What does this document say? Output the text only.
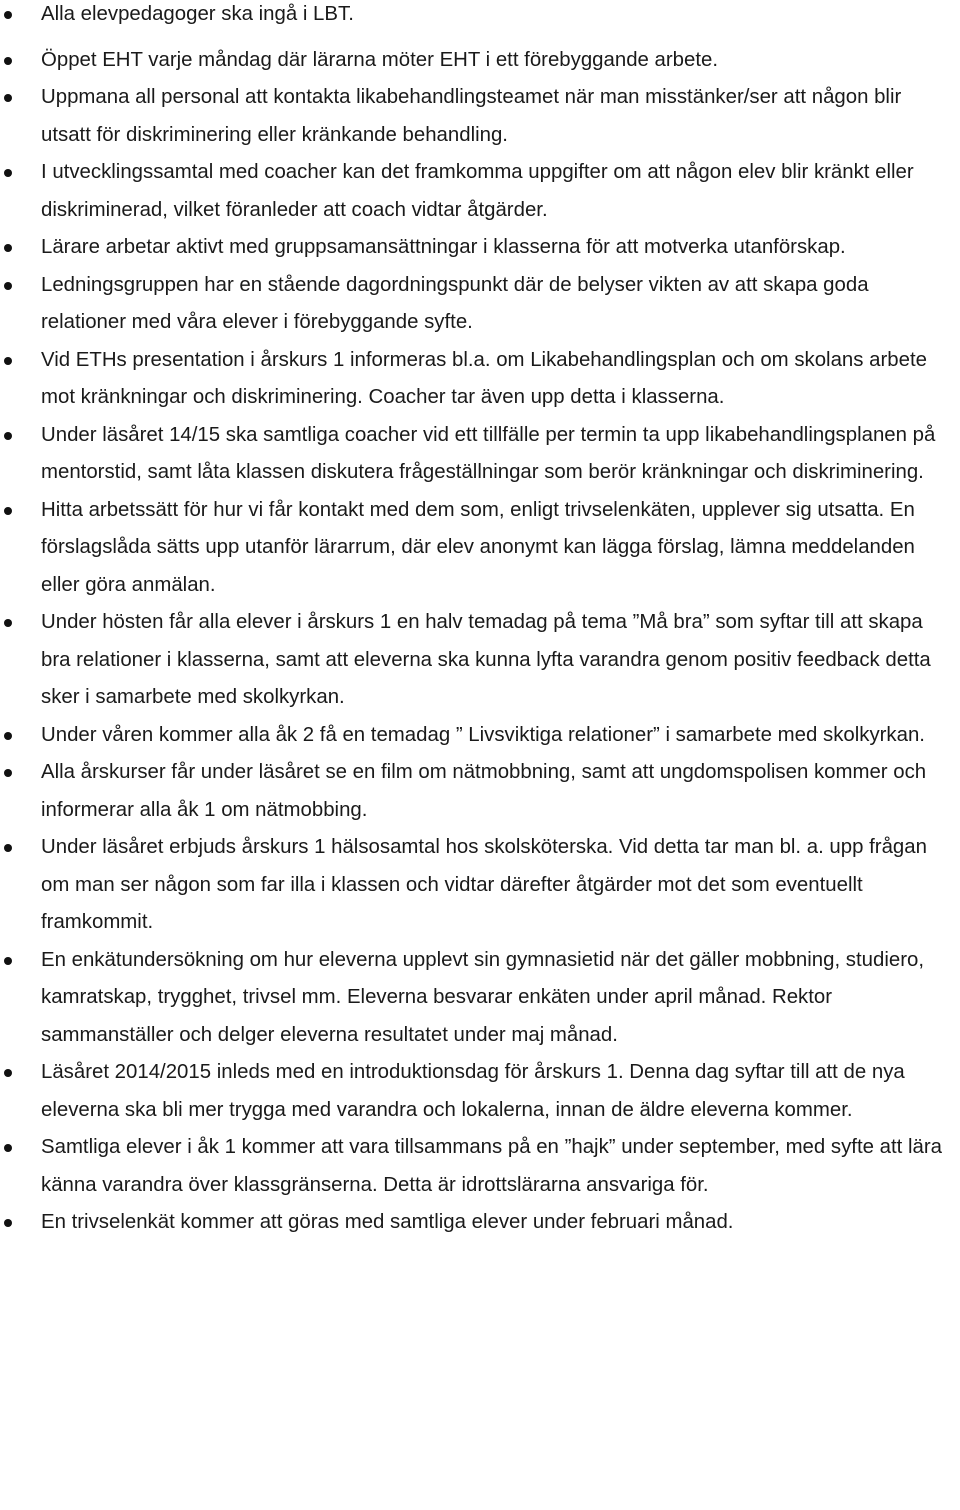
Alla elevpedagoger ska ingå i LBT.
Öppet EHT varje måndag där lärarna möter EHT i ett förebyggande arbete.
Uppmana all personal att kontakta likabehandlingsteamet när man misstänker/ser att någon blir utsatt för diskriminering eller kränkande behandling.
I utvecklingssamtal med coacher kan det framkomma uppgifter om att någon elev blir kränkt eller diskriminerad, vilket föranleder att coach vidtar åtgärder.
Lärare arbetar aktivt med gruppsamansättningar i klasserna för att motverka utanförskap.
Ledningsgruppen har en stående dagordningspunkt där de belyser vikten av att skapa goda relationer med våra elever i förebyggande syfte.
Vid ETHs presentation i årskurs 1 informeras bl.a. om Likabehandlingsplan och om skolans arbete mot kränkningar och diskriminering. Coacher tar även upp detta i klasserna.
Under läsåret 14/15 ska samtliga coacher vid ett tillfälle per termin ta upp likabehandlingsplanen på mentorstid, samt låta klassen diskutera frågeställningar som berör kränkningar och diskriminering.
Hitta arbetssätt för hur vi får kontakt med dem som, enligt trivselenkäten, upplever sig utsatta. En förslagslåda sätts upp utanför lärarrum, där elev anonymt kan lägga förslag, lämna meddelanden eller göra anmälan.
Under hösten får alla elever i årskurs 1 en halv temadag på tema ”Må bra” som syftar till att skapa bra relationer i klasserna, samt att eleverna ska kunna lyfta varandra genom positiv feedback detta sker i samarbete med skolkyrkan.
Under våren kommer alla åk 2 få en temadag ” Livsviktiga relationer” i samarbete med skolkyrkan.
Alla årskurser får under läsåret se en film om nätmobbning, samt att ungdomspolisen kommer och informerar alla åk 1 om nätmobbing.
Under läsåret erbjuds årskurs 1 hälsosamtal hos skolsköterska. Vid detta tar man bl. a. upp frågan om man ser någon som far illa i klassen och vidtar därefter åtgärder mot det som eventuellt framkommit.
En enkätundersökning om hur eleverna upplevt sin gymnasietid när det gäller mobbning, studiero, kamratskap, trygghet, trivsel mm. Eleverna besvarar enkäten under april månad. Rektor sammanställer och delger eleverna resultatet under maj månad.
Läsåret 2014/2015 inleds med en introduktionsdag för årskurs 1. Denna dag syftar till att de nya eleverna ska bli mer trygga med varandra och lokalerna, innan de äldre eleverna kommer.
Samtliga elever i åk 1 kommer att vara tillsammans på en ”hajk” under september, med syfte att lära känna varandra över klassgränserna. Detta är idrottslärarna ansvariga för.
En trivselenkät kommer att göras med samtliga elever under februari månad.
